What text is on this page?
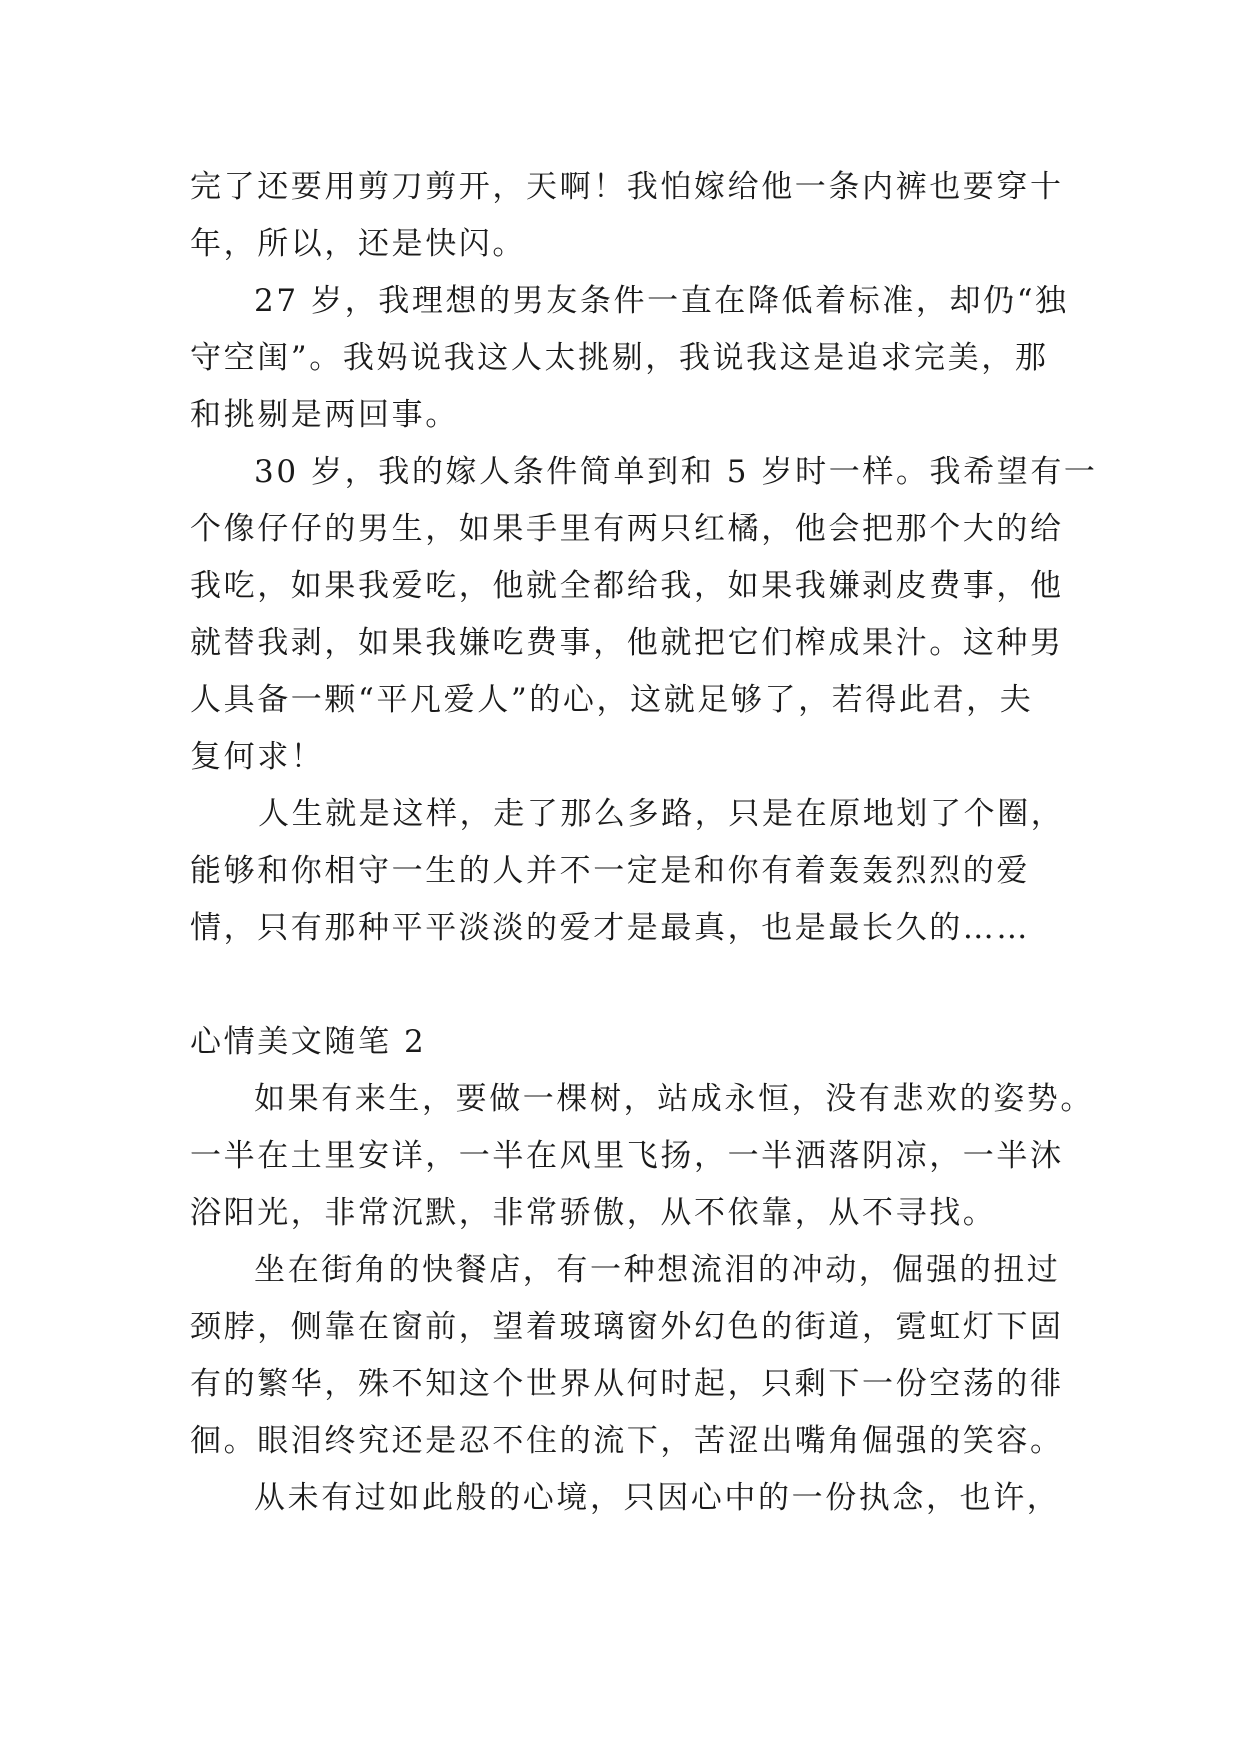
完了还要用剪刀剪开，天啊！我怕嫁给他一条内裤也要穿十
年，所以，还是快闪。
27 岁，我理想的男友条件一直在降低着标准，却仍“独
守空闺”。我妈说我这人太挑剔，我说我这是追求完美，那
和挑剔是两回事。
30 岁，我的嫁人条件简单到和 5 岁时一样。我希望有一
个像仔仔的男生，如果手里有两只红橘，他会把那个大的给
我吃，如果我爱吃，他就全都给我，如果我嫌剥皮费事，他
就替我剥，如果我嫌吃费事，他就把它们榨成果汁。这种男
人具备一颗“平凡爱人”的心，这就足够了，若得此君，夫
复何求！
人生就是这样，走了那么多路，只是在原地划了个圈，
能够和你相守一生的人并不一定是和你有着轰轰烈烈的爱
情，只有那种平平淡淡的爱才是最真，也是最长久的……
心情美文随笔 2
如果有来生，要做一棵树，站成永恒，没有悲欢的姿势。
一半在土里安详，一半在风里飞扬，一半洒落阴凉，一半沐
浴阳光，非常沉默，非常骄傲，从不依靠，从不寻找。
坐在街角的快餐店，有一种想流泪的冲动，倔强的扭过
颈脖，侧靠在窗前，望着玻璃窗外幻色的街道，霓虹灯下固
有的繁华，殊不知这个世界从何时起，只剩下一份空荡的徘
徊。眼泪终究还是忍不住的流下，苦涩出嘴角倔强的笑容。
从未有过如此般的心境，只因心中的一份执念，也许，
